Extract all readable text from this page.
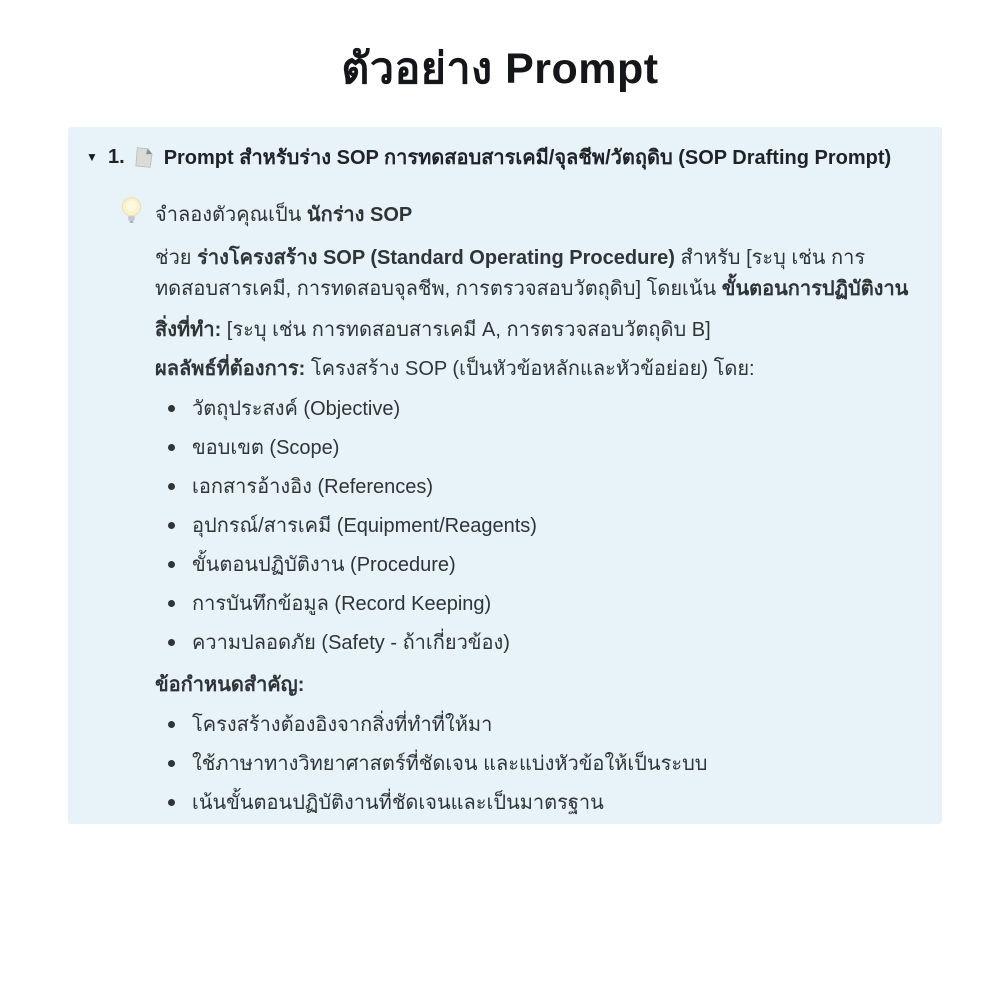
ตัวอย่าง Prompt
▼ 1. Prompt สำหรับร่าง SOP การทดสอบสารเคมี/จุลชีพ/วัตถุดิบ (SOP Drafting Prompt)
จำลองตัวคุณเป็น นักร่าง SOP
ช่วย ร่างโครงสร้าง SOP (Standard Operating Procedure) สำหรับ [ระบุ เช่น การทดสอบสารเคมี, การทดสอบจุลชีพ, การตรวจสอบวัตถุดิบ] โดยเน้น ขั้นตอนการปฏิบัติงาน
สิ่งที่ทำ: [ระบุ เช่น การทดสอบสารเคมี A, การตรวจสอบวัตถุดิบ B]
ผลลัพธ์ที่ต้องการ: โครงสร้าง SOP (เป็นหัวข้อหลักและหัวข้อย่อย) โดย:
วัตถุประสงค์ (Objective)
ขอบเขต (Scope)
เอกสารอ้างอิง (References)
อุปกรณ์/สารเคมี (Equipment/Reagents)
ขั้นตอนปฏิบัติงาน (Procedure)
การบันทึกข้อมูล (Record Keeping)
ความปลอดภัย (Safety - ถ้าเกี่ยวข้อง)
ข้อกำหนดสำคัญ:
โครงสร้างต้องอิงจากสิ่งที่ทำที่ให้มา
ใช้ภาษาทางวิทยาศาสตร์ที่ชัดเจน และแบ่งหัวข้อให้เป็นระบบ
เน้นขั้นตอนปฏิบัติงานที่ชัดเจนและเป็นมาตรฐาน
